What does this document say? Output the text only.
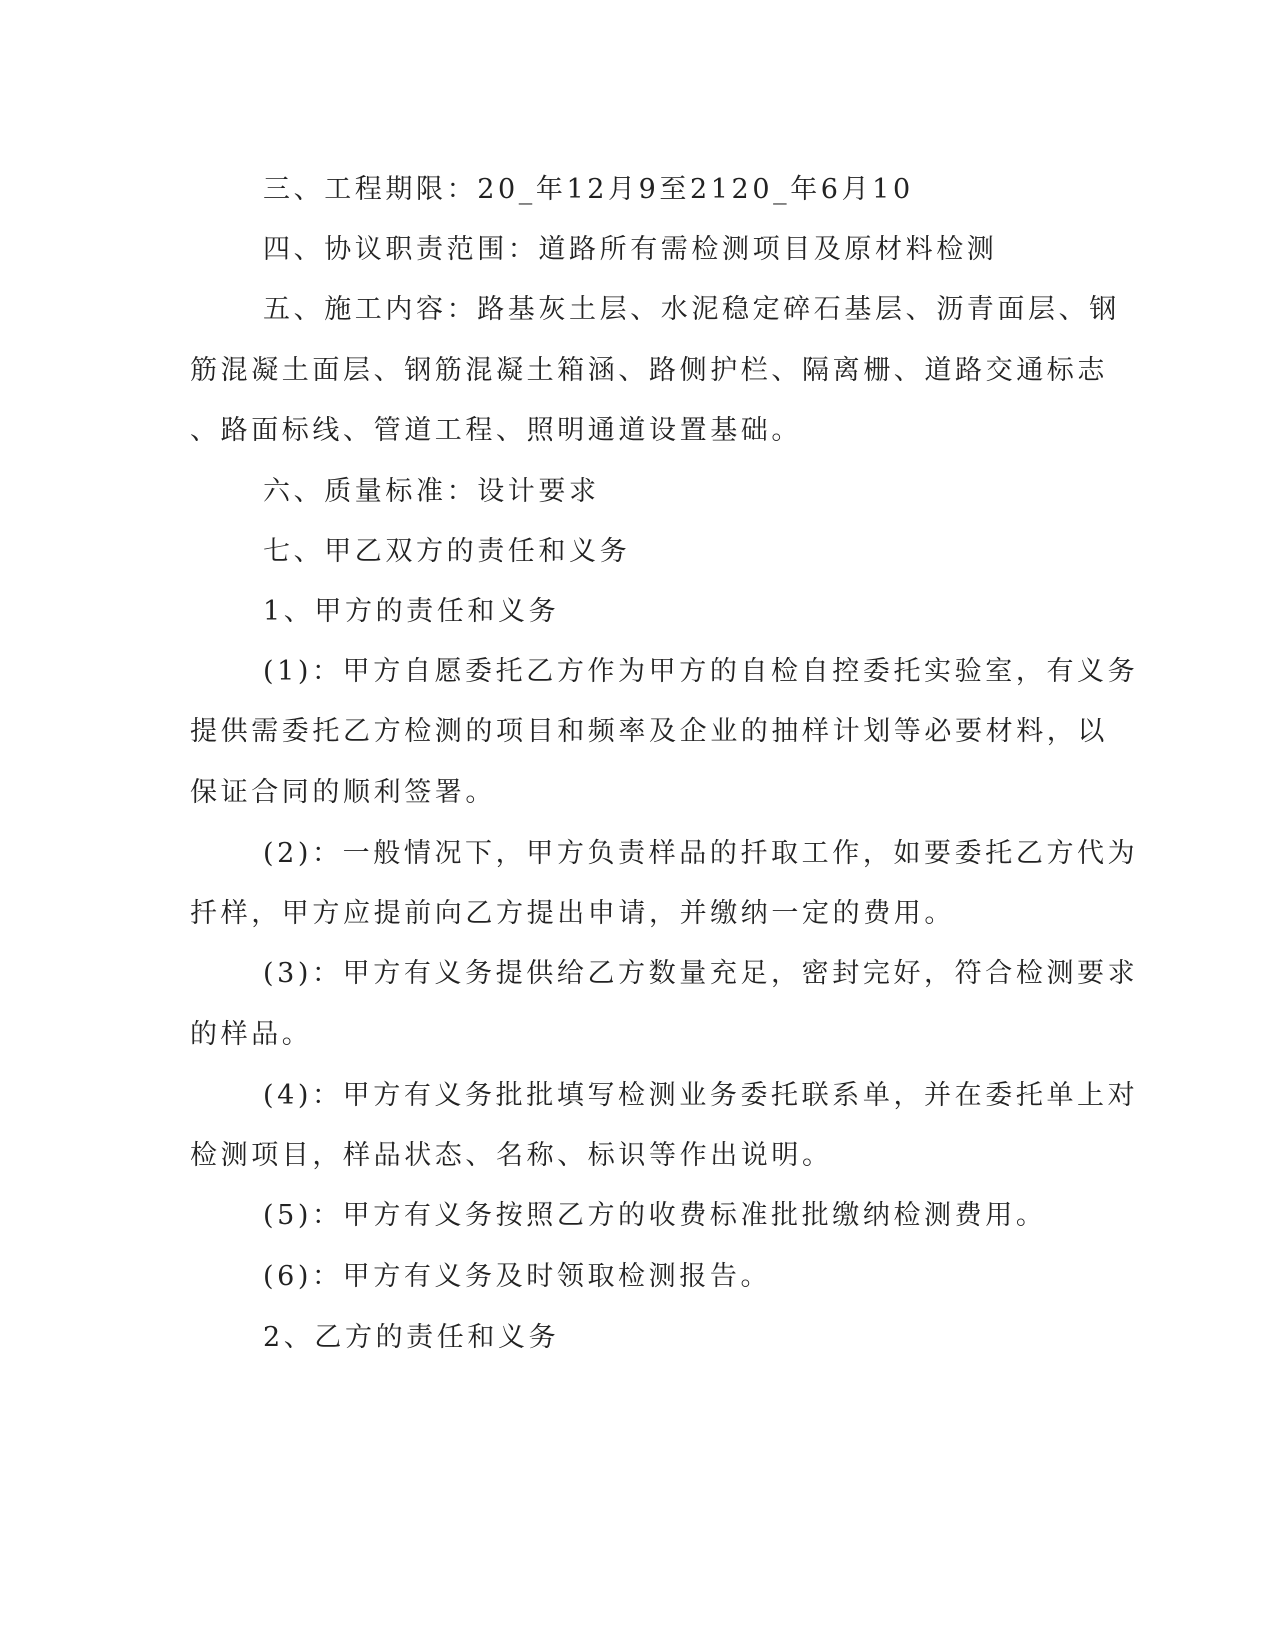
三、工程期限：20_年12月9至2120_年6月10
四、协议职责范围：道路所有需检测项目及原材料检测
五、施工内容：路基灰土层、水泥稳定碎石基层、沥青面层、钢
筋混凝土面层、钢筋混凝土箱涵、路侧护栏、隔离栅、道路交通标志
、路面标线、管道工程、照明通道设置基础。
六、质量标准：设计要求
七、甲乙双方的责任和义务
1、甲方的责任和义务
(1)：甲方自愿委托乙方作为甲方的自检自控委托实验室，有义务
提供需委托乙方检测的项目和频率及企业的抽样计划等必要材料，以
保证合同的顺利签署。
(2)：一般情况下，甲方负责样品的扦取工作，如要委托乙方代为
扦样，甲方应提前向乙方提出申请，并缴纳一定的费用。
(3)：甲方有义务提供给乙方数量充足，密封完好，符合检测要求
的样品。
(4)：甲方有义务批批填写检测业务委托联系单，并在委托单上对
检测项目，样品状态、名称、标识等作出说明。
(5)：甲方有义务按照乙方的收费标准批批缴纳检测费用。
(6)：甲方有义务及时领取检测报告。
2、乙方的责任和义务
